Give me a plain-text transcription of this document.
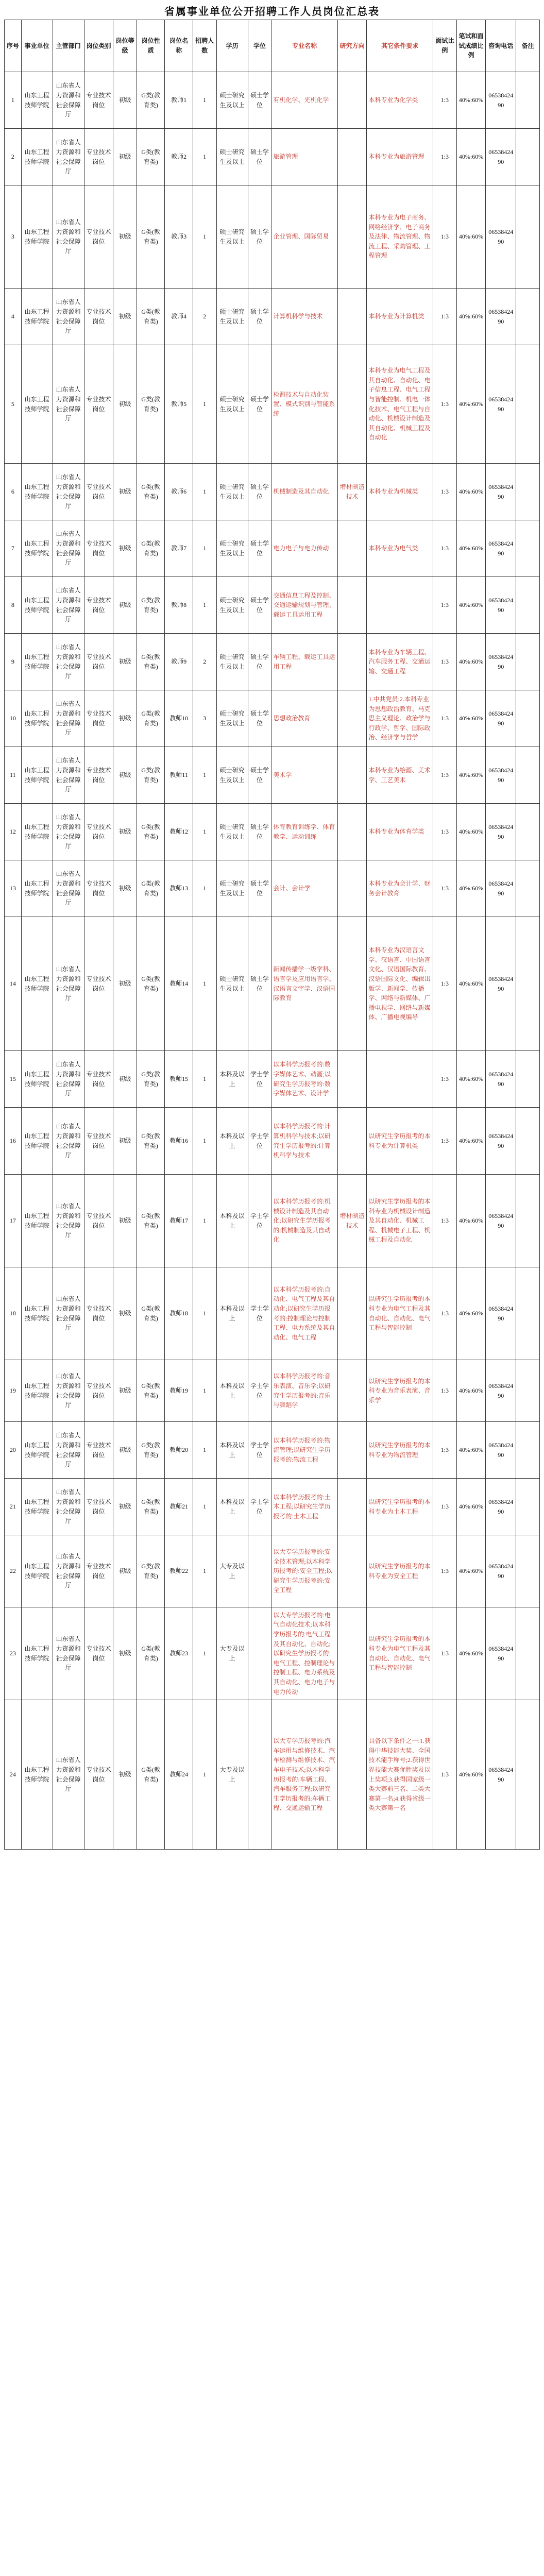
省属事业单位公开招聘工作人员岗位汇总表
序号	事业单位	主管部门	岗位类别	岗位等级	岗位性质	岗位名称	招聘人数	学历	学位	专业名称	研究方向	其它条件要求	面试比例	笔试和面试成绩比例	咨询电话	备注
1	山东工程技师学院	山东省人力资源和社会保障厅	专业技术岗位	初级	G类(教育类)	教师1	1	硕士研究生及以上	硕士学位	有机化学、光机化学		本科专业为化学类	1:3	40%:60%	0653842490	
2	山东工程技师学院	山东省人力资源和社会保障厅	专业技术岗位	初级	G类(教育类)	教师2	1	硕士研究生及以上	硕士学位	旅游管理		本科专业为旅游管理	1:3	40%:60%	0653842490	
3	山东工程技师学院	山东省人力资源和社会保障厅	专业技术岗位	初级	G类(教育类)	教师3	1	硕士研究生及以上	硕士学位	企业管理、国际贸易		本科专业为电子商务、网络经济学、电子商务及法律、物流管理、物流工程、采购管理、工程管理	1:3	40%:60%	0653842490	
4	山东工程技师学院	山东省人力资源和社会保障厅	专业技术岗位	初级	G类(教育类)	教师4	2	硕士研究生及以上	硕士学位	计算机科学与技术		本科专业为计算机类	1:3	40%:60%	0653842490	
5	山东工程技师学院	山东省人力资源和社会保障厅	专业技术岗位	初级	G类(教育类)	教师5	1	硕士研究生及以上	硕士学位	检测技术与自动化装置、模式识别与智能系统		本科专业为电气工程及其自动化、自动化、电子信息工程、电气工程与智能控制、机电一体化技术、电气工程与自动化、机械设计制造及其自动化、机械工程及自动化	1:3	40%:60%	0653842490	
6	山东工程技师学院	山东省人力资源和社会保障厅	专业技术岗位	初级	G类(教育类)	教师6	1	硕士研究生及以上	硕士学位	机械制造及其自动化	增材制造技术	本科专业为机械类	1:3	40%:60%	0653842490	
7	山东工程技师学院	山东省人力资源和社会保障厅	专业技术岗位	初级	G类(教育类)	教师7	1	硕士研究生及以上	硕士学位	电力电子与电力传动		本科专业为电气类	1:3	40%:60%	0653842490	
8	山东工程技师学院	山东省人力资源和社会保障厅	专业技术岗位	初级	G类(教育类)	教师8	1	硕士研究生及以上	硕士学位	交通信息工程及控制、交通运输规划与管理、载运工具运用工程			1:3	40%:60%	0653842490	
9	山东工程技师学院	山东省人力资源和社会保障厅	专业技术岗位	初级	G类(教育类)	教师9	2	硕士研究生及以上	硕士学位	车辆工程、载运工具运用工程		本科专业为车辆工程、汽车服务工程、交通运输、交通工程	1:3	40%:60%	0653842490	
10	山东工程技师学院	山东省人力资源和社会保障厅	专业技术岗位	初级	G类(教育类)	教师10	3	硕士研究生及以上	硕士学位	思想政治教育		1.中共党员;2.本科专业为思想政治教育、马克思主义理论、政治学与行政学、哲学、国际政治、经济学与哲学	1:3	40%:60%	0653842490	
11	山东工程技师学院	山东省人力资源和社会保障厅	专业技术岗位	初级	G类(教育类)	教师11	1	硕士研究生及以上	硕士学位	美术学		本科专业为绘画、美术学、工艺美术	1:3	40%:60%	0653842490	
12	山东工程技师学院	山东省人力资源和社会保障厅	专业技术岗位	初级	G类(教育类)	教师12	1	硕士研究生及以上	硕士学位	体育教育训练学、体育教学、运动训练		本科专业为体育学类	1:3	40%:60%	0653842490	
13	山东工程技师学院	山东省人力资源和社会保障厅	专业技术岗位	初级	G类(教育类)	教师13	1	硕士研究生及以上	硕士学位	会计、会计学		本科专业为会计学、财务会计教育	1:3	40%:60%	0653842490	
14	山东工程技师学院	山东省人力资源和社会保障厅	专业技术岗位	初级	G类(教育类)	教师14	1	硕士研究生及以上	硕士学位	新闻传播学一级学科、语言学及应用语言学、汉语言文字学、汉语国际教育		本科专业为汉语言文学、汉语言、中国语言文化、汉语国际教育、汉语国际文化、编辑出版学、新闻学、传播学、网络与新媒体、广播电视学、网络与新媒体、广播电视编导	1:3	40%:60%	0653842490	
15	山东工程技师学院	山东省人力资源和社会保障厅	专业技术岗位	初级	G类(教育类)	教师15	1	本科及以上	学士学位	以本科学历报考的:数字媒体艺术、动画;以研究生学历报考的:数字媒体艺术、设计学			1:3	40%:60%	0653842490	
16	山东工程技师学院	山东省人力资源和社会保障厅	专业技术岗位	初级	G类(教育类)	教师16	1	本科及以上	学士学位	以本科学历报考的:计算机科学与技术;以研究生学历报考的:计算机科学与技术		以研究生学历报考的本科专业为计算机类	1:3	40%:60%	0653842490	
17	山东工程技师学院	山东省人力资源和社会保障厅	专业技术岗位	初级	G类(教育类)	教师17	1	本科及以上	学士学位	以本科学历报考的:机械设计制造及其自动化;以研究生学历报考的:机械制造及其自动化	增材制造技术	以研究生学历报考的本科专业为机械设计制造及其自动化、机械工程、机械电子工程、机械工程及自动化	1:3	40%:60%	0653842490	
18	山东工程技师学院	山东省人力资源和社会保障厅	专业技术岗位	初级	G类(教育类)	教师18	1	本科及以上	学士学位	以本科学历报考的:自动化、电气工程及其自动化;以研究生学历报考的:控制理论与控制工程、电力系统及其自动化、电气工程		以研究生学历报考的本科专业为电气工程及其自动化、自动化、电气工程与智能控制	1:3	40%:60%	0653842490	
19	山东工程技师学院	山东省人力资源和社会保障厅	专业技术岗位	初级	G类(教育类)	教师19	1	本科及以上	学士学位	以本科学历报考的:音乐表演、音乐学;以研究生学历报考的:音乐与舞蹈学		以研究生学历报考的本科专业为音乐表演、音乐学	1:3	40%:60%	0653842490	
20	山东工程技师学院	山东省人力资源和社会保障厅	专业技术岗位	初级	G类(教育类)	教师20	1	本科及以上	学士学位	以本科学历报考的:物流管理;以研究生学历报考的:物流工程		以研究生学历报考的本科专业为物流管理	1:3	40%:60%	0653842490	
21	山东工程技师学院	山东省人力资源和社会保障厅	专业技术岗位	初级	G类(教育类)	教师21	1	本科及以上	学士学位	以本科学历报考的:土木工程;以研究生学历报考的:土木工程		以研究生学历报考的本科专业为土木工程	1:3	40%:60%	0653842490	
22	山东工程技师学院	山东省人力资源和社会保障厅	专业技术岗位	初级	G类(教育类)	教师22	1	大专及以上		以大专学历报考的:安全技术管理;以本科学历报考的:安全工程;以研究生学历报考的:安全工程		以研究生学历报考的本科专业为安全工程	1:3	40%:60%	0653842490	
23	山东工程技师学院	山东省人力资源和社会保障厅	专业技术岗位	初级	G类(教育类)	教师23	1	大专及以上		以大专学历报考的:电气自动化技术;以本科学历报考的:电气工程及其自动化、自动化;以研究生学历报考的:电气工程、控制理论与控制工程、电力系统及其自动化、电力电子与电力传动		以研究生学历报考的本科专业为电气工程及其自动化、自动化、电气工程与智能控制	1:3	40%:60%	0653842490	
24	山东工程技师学院	山东省人力资源和社会保障厅	专业技术岗位	初级	G类(教育类)	教师24	1	大专及以上		以大专学历报考的:汽车运用与维修技术、汽车检测与维修技术、汽车电子技术;以本科学历报考的:车辆工程、汽车服务工程;以研究生学历报考的:车辆工程、交通运输工程		具备以下条件之一:1.获得中华技能大奖、全国技术能手称号;2.获得世界技能大赛优胜奖及以上奖项;3.获得国家级一类大赛前三名、二类大赛第一名;4.获得省级一类大赛第一名	1:3	40%:60%	0653842490	
